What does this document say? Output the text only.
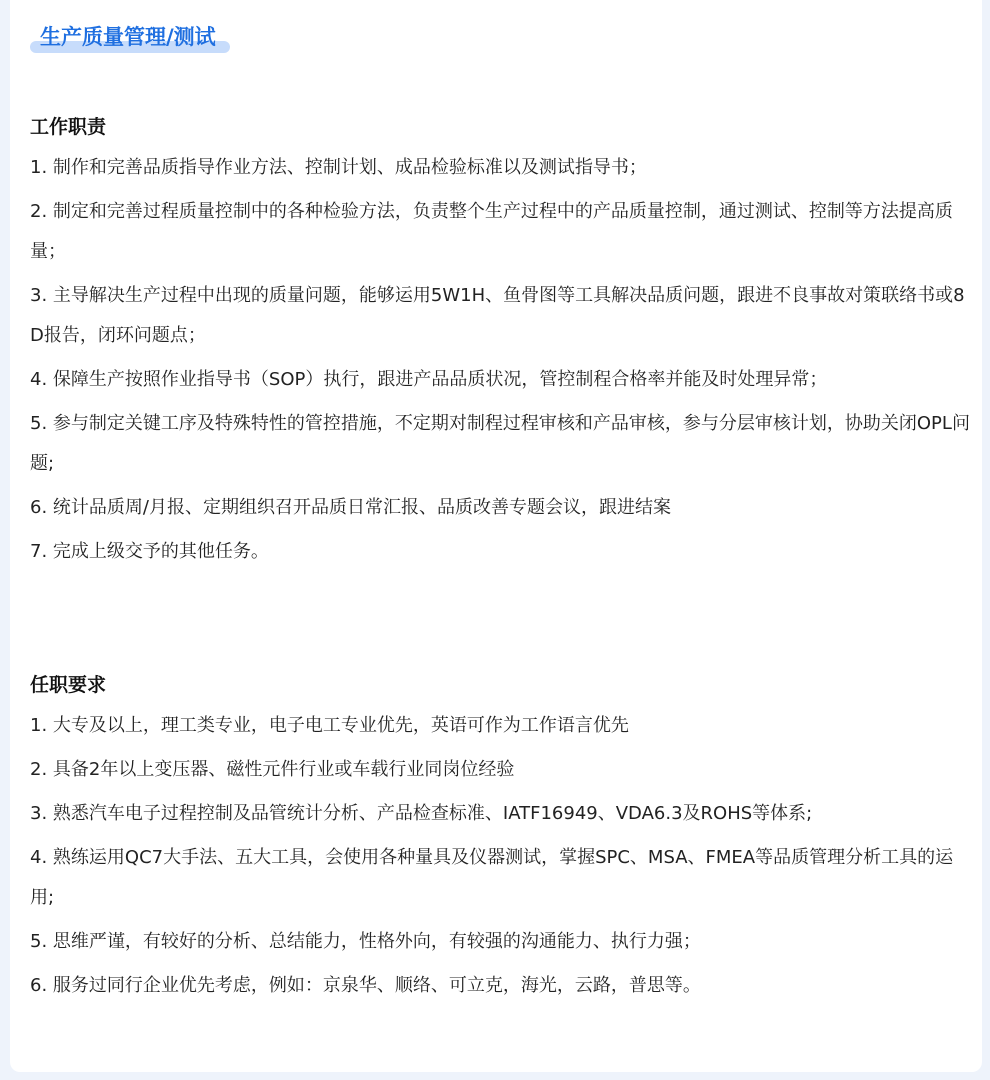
生产质量管理/测试
工作职责
1. 制作和完善品质指导作业方法、控制计划、成品检验标准以及测试指导书；
2. 制定和完善过程质量控制中的各种检验方法，负责整个生产过程中的产品质量控制，通过测试、控制等方法提高质量；
3. 主导解决生产过程中出现的质量问题，能够运用5W1H、鱼骨图等工具解决品质问题，跟进不良事故对策联络书或8D报告，闭环问题点；
4. 保障生产按照作业指导书（SOP）执行，跟进产品品质状况，管控制程合格率并能及时处理异常；
5. 参与制定关键工序及特殊特性的管控措施，不定期对制程过程审核和产品审核，参与分层审核计划，协助关闭OPL问题;
6. 统计品质周/月报、定期组织召开品质日常汇报、品质改善专题会议，跟进结案
7. 完成上级交予的其他任务。
任职要求
1. 大专及以上，理工类专业，电子电工专业优先，英语可作为工作语言优先
2. 具备2年以上变压器、磁性元件行业或车载行业同岗位经验
3. 熟悉汽车电子过程控制及品管统计分析、产品检查标准、IATF16949、VDA6.3及ROHS等体系;
4. 熟练运用QC7大手法、五大工具，会使用各种量具及仪器测试，掌握SPC、MSA、FMEA等品质管理分析工具的运用;
5. 思维严谨，有较好的分析、总结能力，性格外向，有较强的沟通能力、执行力强；
6. 服务过同行企业优先考虑，例如：京泉华、顺络、可立克，海光，云路，普思等。
